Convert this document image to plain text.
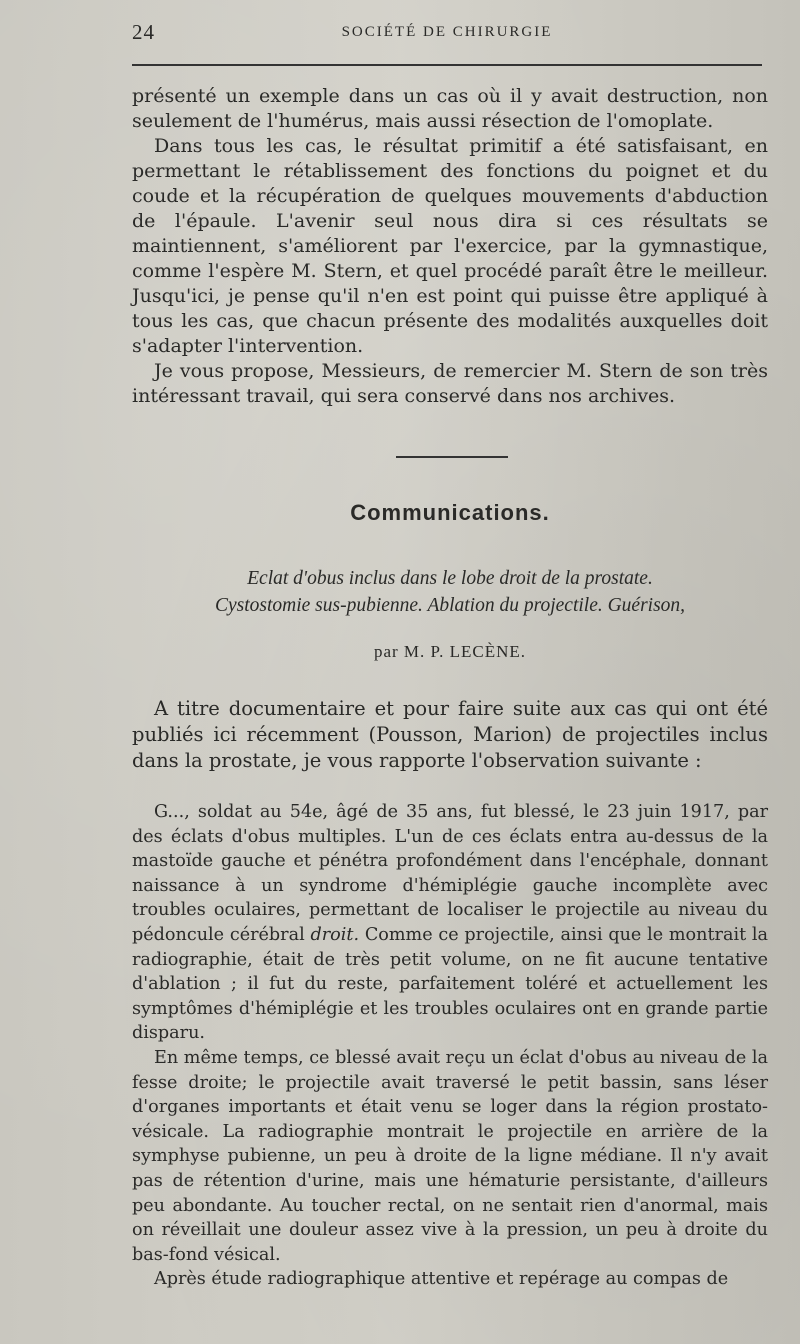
24	SOCIÉTÉ DE CHIRURGIE

présenté un exemple dans un cas où il y avait destruction, non seulement de l'humérus, mais aussi résection de l'omoplate.

Dans tous les cas, le résultat primitif a été satisfaisant, en permettant le rétablissement des fonctions du poignet et du coude et la récupération de quelques mouvements d'abduction de l'épaule. L'avenir seul nous dira si ces résultats se maintiennent, s'améliorent par l'exercice, par la gymnastique, comme l'espère M. Stern, et quel procédé paraît être le meilleur. Jusqu'ici, je pense qu'il n'en est point qui puisse être appliqué à tous les cas, que chacun présente des modalités auxquelles doit s'adapter l'intervention.

Je vous propose, Messieurs, de remercier M. Stern de son très intéressant travail, qui sera conservé dans nos archives.

Communications.
Eclat d'obus inclus dans le lobe droit de la prostate.
Cystostomie sus-pubienne. Ablation du projectile. Guérison,
par M. P. LECÈNE.

A titre documentaire et pour faire suite aux cas qui ont été publiés ici récemment (Pousson, Marion) de projectiles inclus dans la prostate, je vous rapporte l'observation suivante :

G..., soldat au 54e, âgé de 35 ans, fut blessé, le 23 juin 1917, par des éclats d'obus multiples. L'un de ces éclats entra au-dessus de la mastoïde gauche et pénétra profondément dans l'encéphale, donnant naissance à un syndrome d'hémiplégie gauche incomplète avec troubles oculaires, permettant de localiser le projectile au niveau du pédoncule cérébral droit. Comme ce projectile, ainsi que le montrait la radiographie, était de très petit volume, on ne fit aucune tentative d'ablation ; il fut du reste, parfaitement toléré et actuellement les symptômes d'hémiplégie et les troubles oculaires ont en grande partie disparu.

En même temps, ce blessé avait reçu un éclat d'obus au niveau de la fesse droite; le projectile avait traversé le petit bassin, sans léser d'organes importants et était venu se loger dans la région prostato-vésicale. La radiographie montrait le projectile en arrière de la symphyse pubienne, un peu à droite de la ligne médiane. Il n'y avait pas de rétention d'urine, mais une hématurie persistante, d'ailleurs peu abondante. Au toucher rectal, on ne sentait rien d'anormal, mais on réveillait une douleur assez vive à la pression, un peu à droite du bas-fond vésical.

Après étude radiographique attentive et repérage au compas de
